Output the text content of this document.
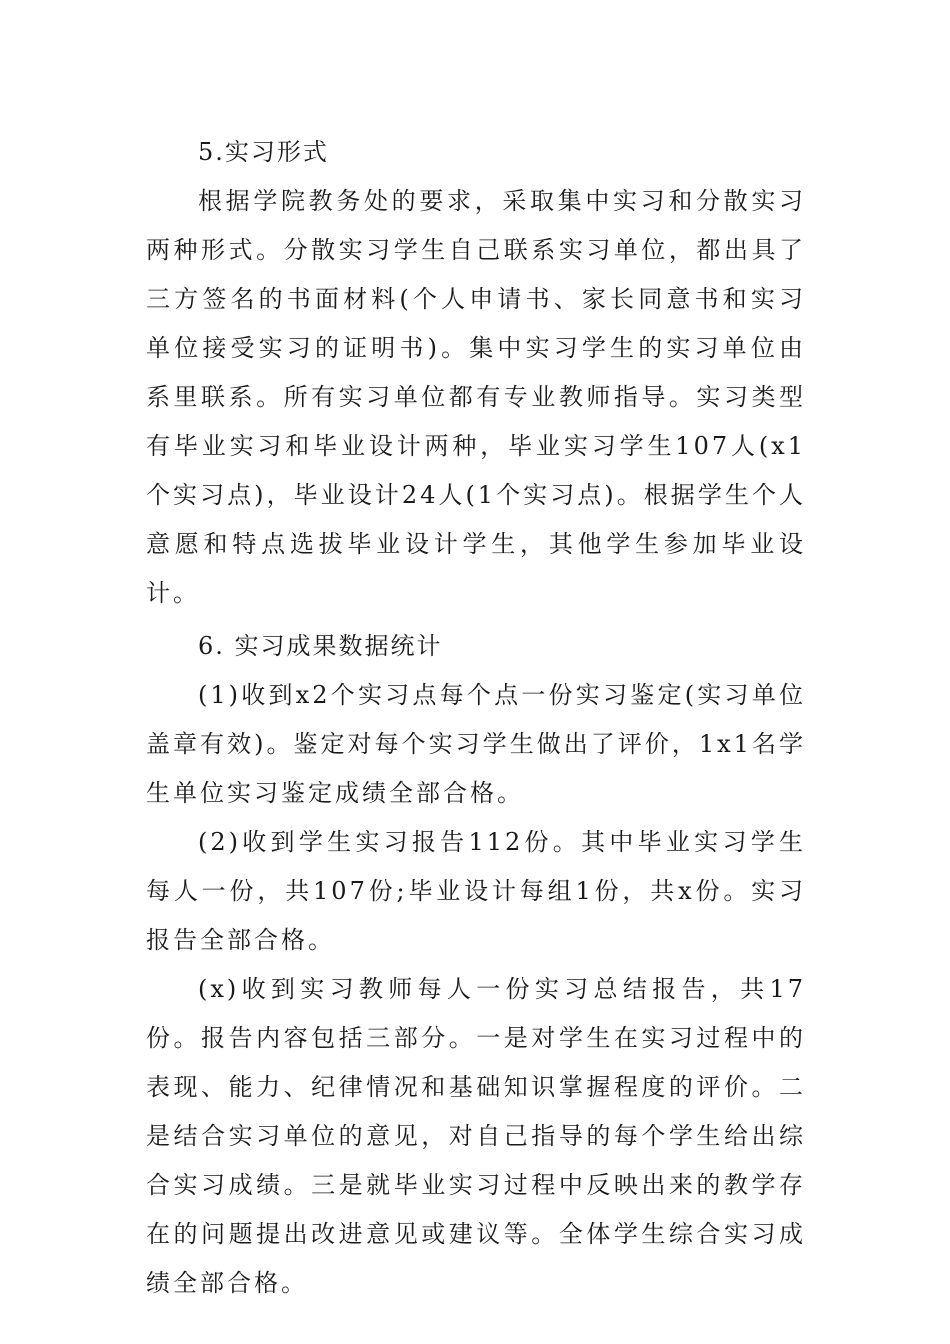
5.实习形式

根据学院教务处的要求，采取集中实习和分散实习两种形式。分散实习学生自己联系实习单位，都出具了三方签名的书面材料(个人申请书、家长同意书和实习单位接受实习的证明书)。集中实习学生的实习单位由系里联系。所有实习单位都有专业教师指导。实习类型有毕业实习和毕业设计两种，毕业实习学生107人(x1个实习点)，毕业设计24人(1个实习点)。根据学生个人意愿和特点选拔毕业设计学生，其他学生参加毕业设计。

6. 实习成果数据统计

(1)收到x2个实习点每个点一份实习鉴定(实习单位盖章有效)。鉴定对每个实习学生做出了评价，1x1名学生单位实习鉴定成绩全部合格。

(2)收到学生实习报告112份。其中毕业实习学生每人一份，共107份;毕业设计每组1份，共x份。实习报告全部合格。

(x)收到实习教师每人一份实习总结报告，共17份。报告内容包括三部分。一是对学生在实习过程中的表现、能力、纪律情况和基础知识掌握程度的评价。二是结合实习单位的意见，对自己指导的每个学生给出综合实习成绩。三是就毕业实习过程中反映出来的教学存在的问题提出改进意见或建议等。全体学生综合实习成绩全部合格。
